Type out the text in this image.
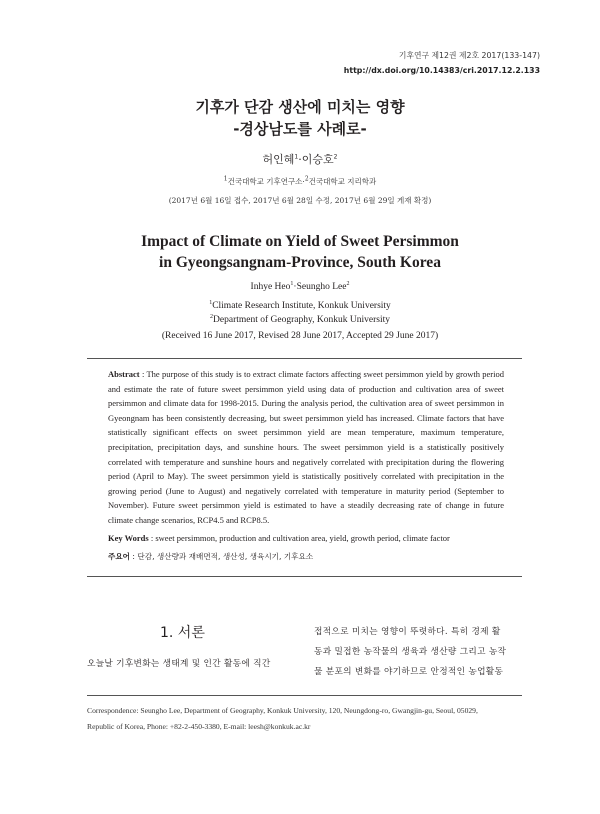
기후연구 제12권 제2호 2017(133-147)
http://dx.doi.org/10.14383/cri.2017.12.2.133
기후가 단감 생산에 미치는 영향
-경상남도를 사례로-
허인혜$^1$·이승호$^2$
$^1$건국대학교 기후연구소·$^2$건국대학교 지리학과
(2017년 6월 16일 접수, 2017년 6월 28일 수정, 2017년 6월 29일 게재 확정)
Impact of Climate on Yield of Sweet Persimmon
in Gyeongsangnam-Province, South Korea
Inhye Heo$^1$·Seungho Lee$^2$
$^1$Climate Research Institute, Konkuk University
$^2$Department of Geography, Konkuk University
(Received 16 June 2017, Revised 28 June 2017, Accepted 29 June 2017)
Abstract : The purpose of this study is to extract climate factors affecting sweet persimmon yield by growth period and estimate the rate of future sweet persimmon yield using data of production and cultivation area of sweet persimmon and climate data for 1998-2015. During the analysis period, the cultivation area of sweet persimmon in Gyeongnam has been consistently decreasing, but sweet persimmon yield has increased. Climate factors that have statistically significant effects on sweet persimmon yield are mean temperature, maximum temperature, precipitation, precipitation days, and sunshine hours. The sweet persimmon yield is a statistically positively correlated with temperature and sunshine hours and negatively correlated with precipitation during the flowering period (April to May). The sweet persimmon yield is statistically positively correlated with precipitation in the growing period (June to August) and negatively correlated with temperature in maturity period (September to November). Future sweet persimmon yield is estimated to have a steadily decreasing rate of change in future climate change scenarios, RCP4.5 and RCP8.5.
Key Words : sweet persimmon, production and cultivation area, yield, growth period, climate factor
주요어 : 단감, 생산량과 재배면적, 생산성, 생육시기, 기후요소
1. 서론
오늘날 기후변화는 생태계 및 인간 활동에 직간
접적으로 미치는 영향이 뚜렷하다. 특히 경제 활
동과 밀접한 농작물의 생육과 생산량 그리고 농작
물 분포의 변화를 야기하므로 안정적인 농업활동
Correspondence: Seungho Lee, Department of Geography, Konkuk University, 120, Neungdong-ro, Gwangjin-gu, Seoul, 05029,
Republic of Korea, Phone: +82-2-450-3380, E-mail: leesh@konkuk.ac.kr
